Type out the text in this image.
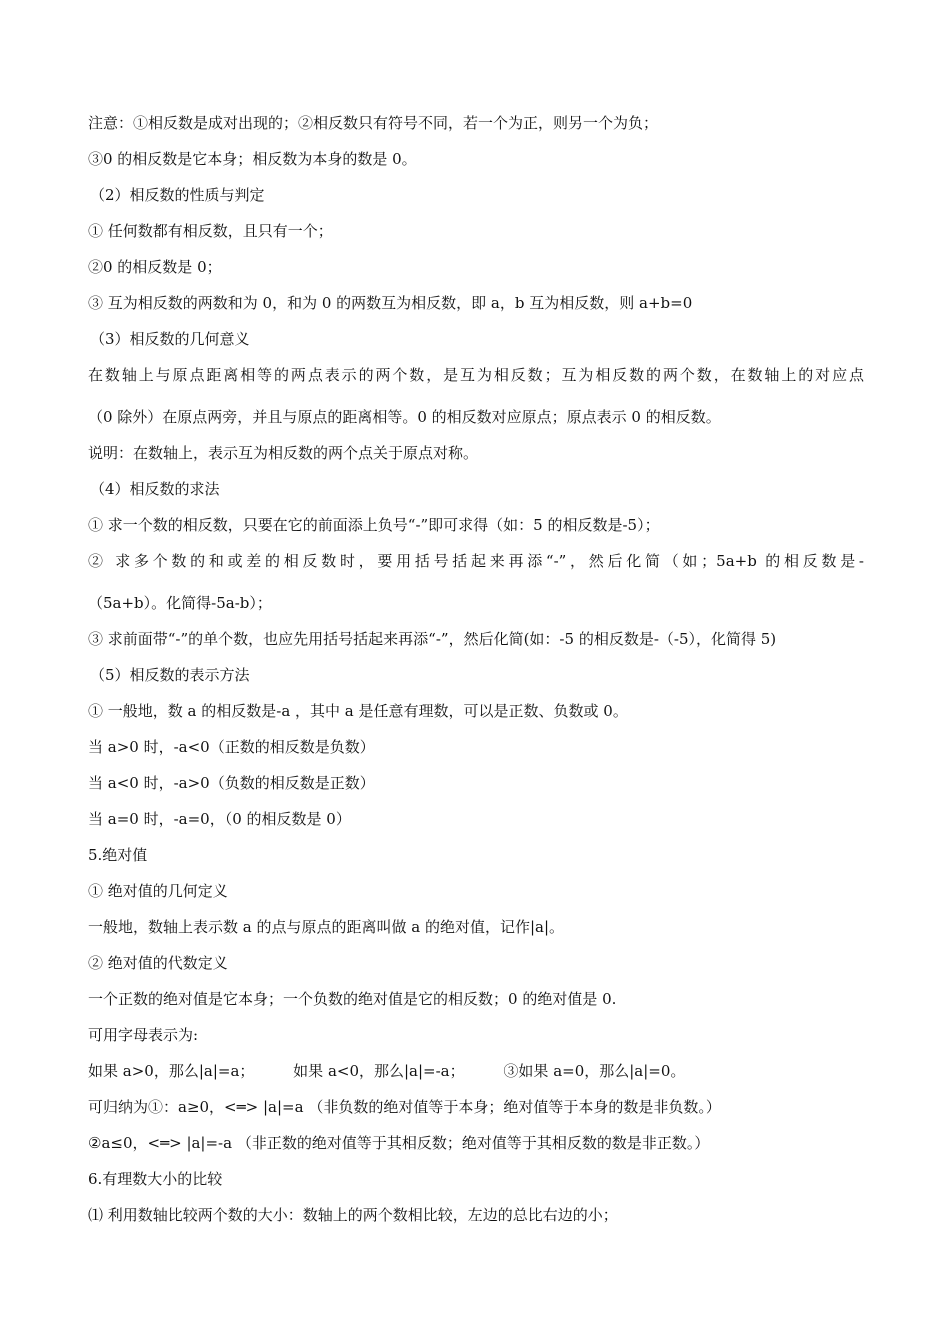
注意：①相反数是成对出现的；②相反数只有符号不同，若一个为正，则另一个为负；

③0 的相反数是它本身；相反数为本身的数是 0。

（2）相反数的性质与判定

① 任何数都有相反数，且只有一个；

②0 的相反数是 0；

③ 互为相反数的两数和为 0，和为 0 的两数互为相反数，即 a，b 互为相反数，则 a+b=0

（3）相反数的几何意义

在数轴上与原点距离相等的两点表示的两个数，是互为相反数；互为相反数的两个数，在数轴上的对应点

（0 除外）在原点两旁，并且与原点的距离相等。0 的相反数对应原点；原点表示 0 的相反数。

说明：在数轴上，表示互为相反数的两个点关于原点对称。

（4）相反数的求法

① 求一个数的相反数，只要在它的前面添上负号“-”即可求得（如：5 的相反数是-5）；

② 求多个数的和或差的相反数时，要用括号括起来再添“-”，然后化简（如；5a+b 的相反数是-

（5a+b）。化简得-5a-b）；

③ 求前面带“-”的单个数，也应先用括号括起来再添“-”，然后化简(如：-5 的相反数是-（-5），化简得 5)

（5）相反数的表示方法

① 一般地，数 a 的相反数是-a ，其中 a 是任意有理数，可以是正数、负数或 0。

当 a>0 时，-a<0（正数的相反数是负数）

当 a<0 时，-a>0（负数的相反数是正数）

当 a=0 时，-a=0，（0 的相反数是 0）

5.绝对值

① 绝对值的几何定义

一般地，数轴上表示数 a 的点与原点的距离叫做 a 的绝对值，记作|a|。

② 绝对值的代数定义

一个正数的绝对值是它本身；一个负数的绝对值是它的相反数；0 的绝对值是 0.

可用字母表示为:

如果 a>0，那么|a|=a；	如果 a<0，那么|a|=-a；	③如果 a=0，那么|a|=0。

可归纳为①：a≥0，<═> |a|=a （非负数的绝对值等于本身；绝对值等于本身的数是非负数。）

②a≤0，<═> |a|=-a （非正数的绝对值等于其相反数；绝对值等于其相反数的数是非正数。）

6.有理数大小的比较

⑴ 利用数轴比较两个数的大小：数轴上的两个数相比较，左边的总比右边的小；
